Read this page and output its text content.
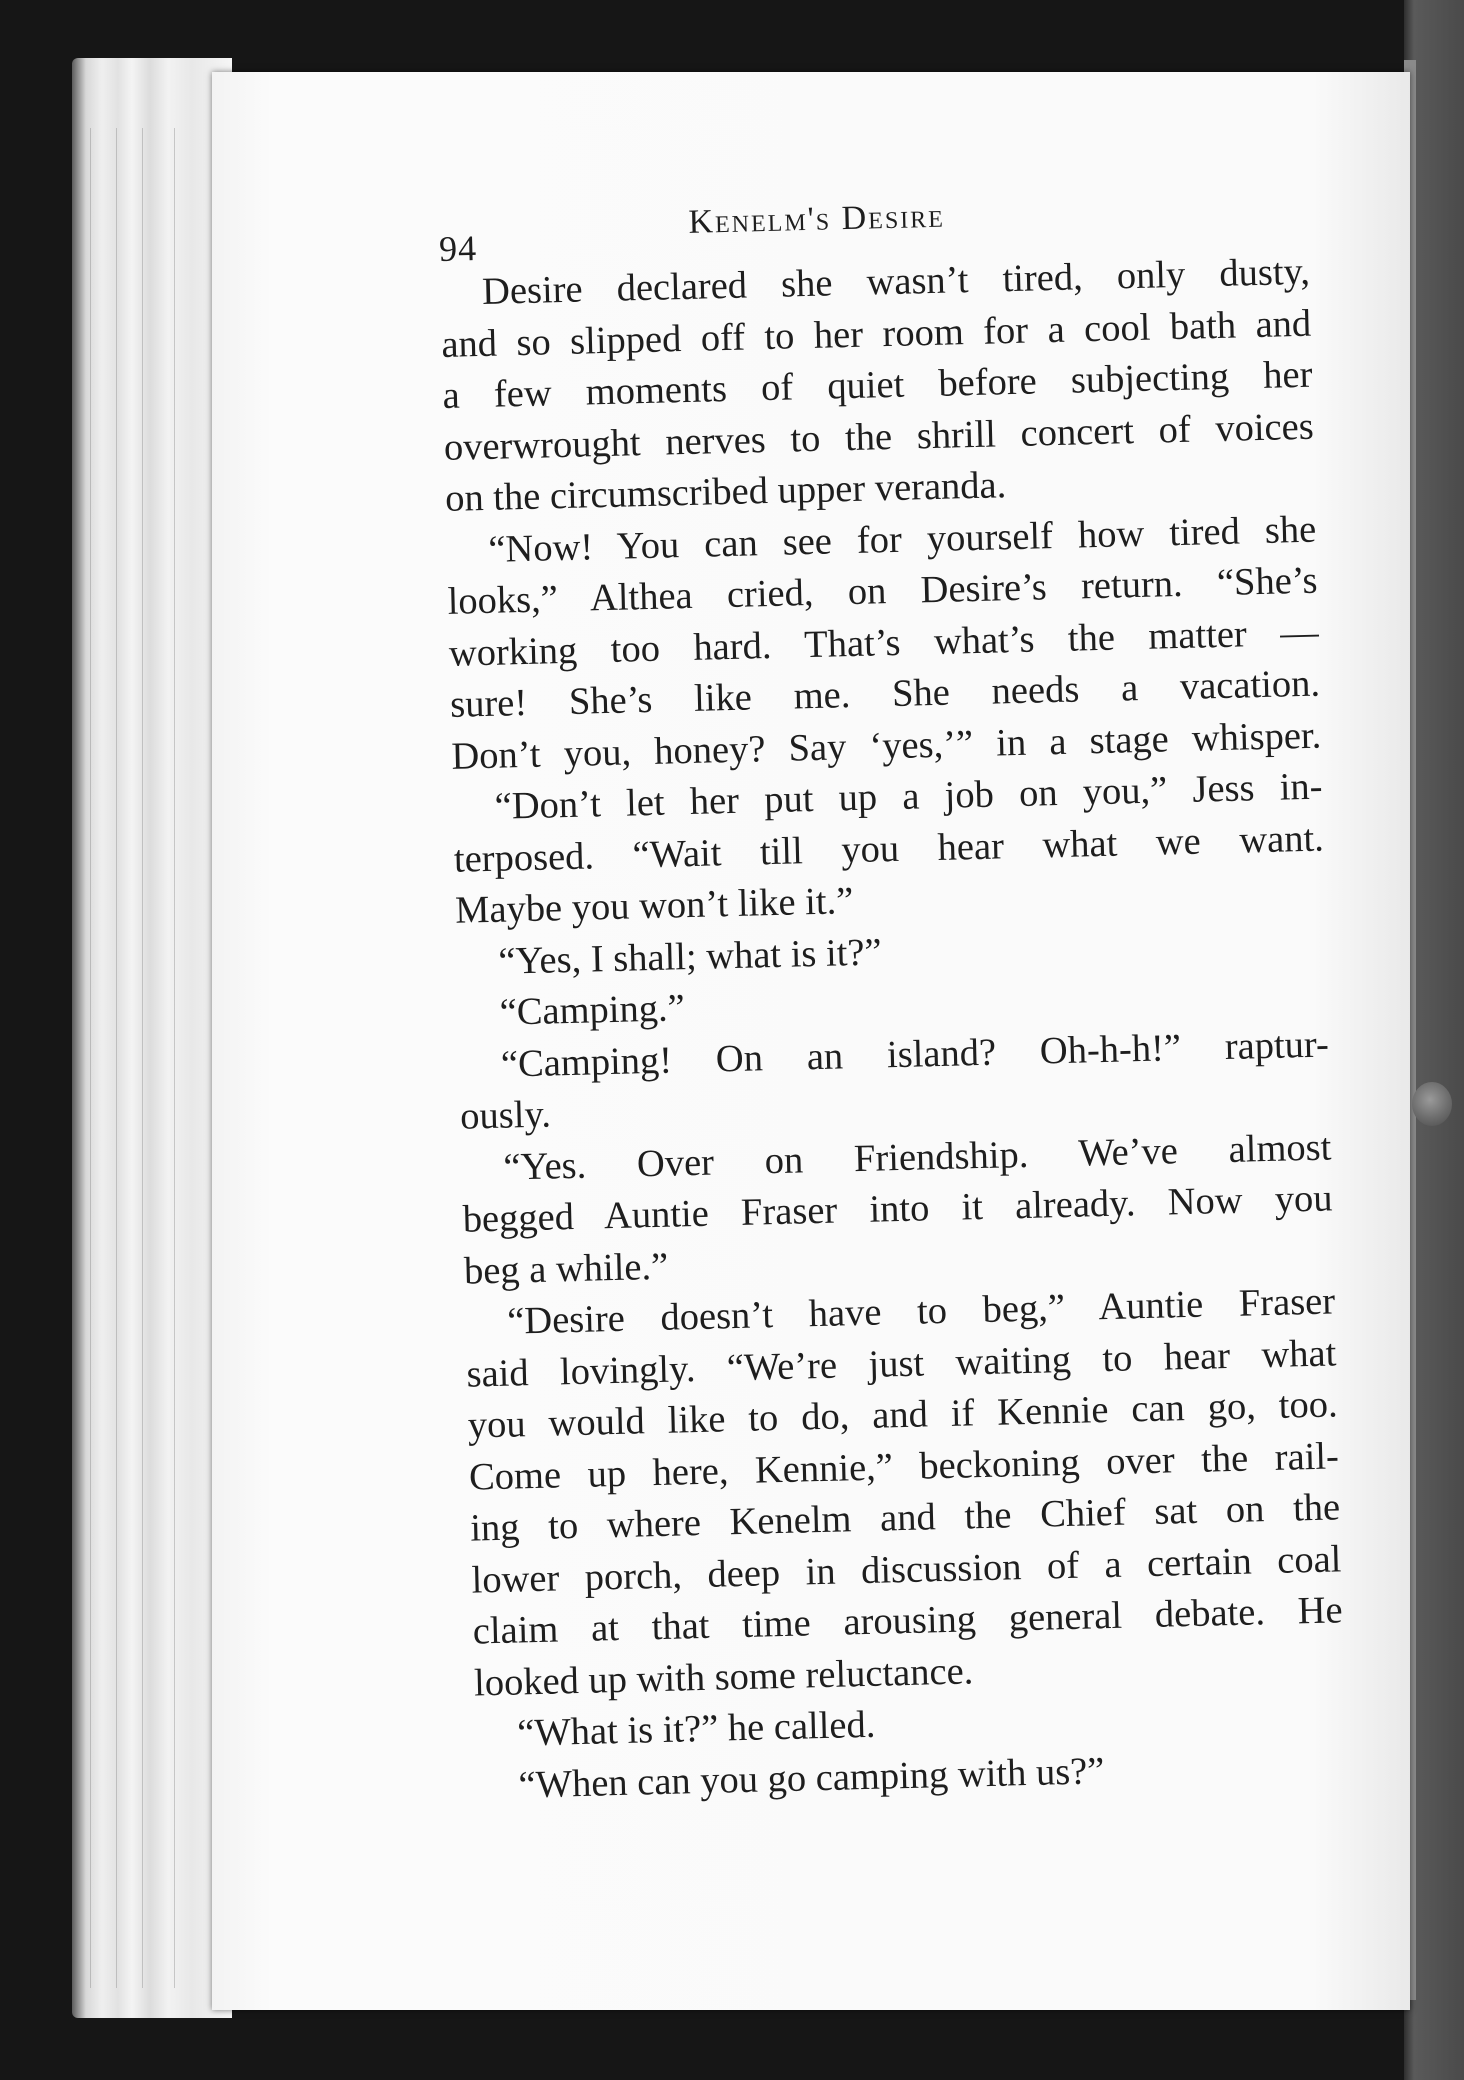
94
Kenelm's Desire
Desire declared she wasn’t tired, only dusty,
and so slipped off to her room for a cool bath and
a few moments of quiet before subjecting her
overwrought nerves to the shrill concert of voices
on the circumscribed upper veranda.
“Now! You can see for yourself how tired she
looks,” Althea cried, on Desire’s return. “She’s
working too hard. That’s what’s the matter —
sure! She’s like me. She needs a vacation.
Don’t you, honey? Say ‘yes,’” in a stage whisper.
“Don’t let her put up a job on you,” Jess in-
terposed. “Wait till you hear what we want.
Maybe you won’t like it.”
“Yes, I shall; what is it?”
“Camping.”
“Camping! On an island? Oh-h-h!” raptur-
ously.
“Yes. Over on Friendship. We’ve almost
begged Auntie Fraser into it already. Now you
beg a while.”
“Desire doesn’t have to beg,” Auntie Fraser
said lovingly. “We’re just waiting to hear what
you would like to do, and if Kennie can go, too.
Come up here, Kennie,” beckoning over the rail-
ing to where Kenelm and the Chief sat on the
lower porch, deep in discussion of a certain coal
claim at that time arousing general debate. He
looked up with some reluctance.
“What is it?” he called.
“When can you go camping with us?”
